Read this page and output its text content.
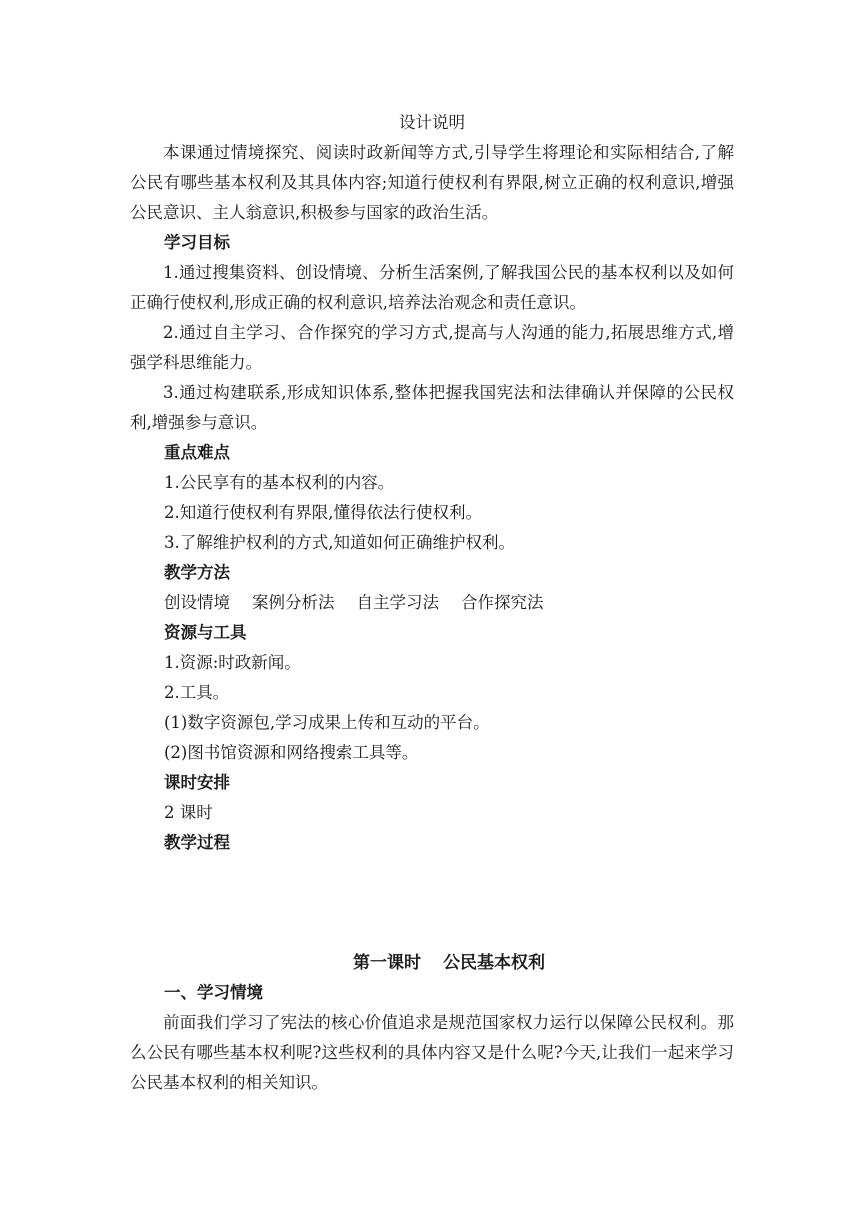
设计说明

本课通过情境探究、阅读时政新闻等方式,引导学生将理论和实际相结合,了解公民有哪些基本权利及其具体内容;知道行使权利有界限,树立正确的权利意识,增强公民意识、主人翁意识,积极参与国家的政治生活。

学习目标

1.通过搜集资料、创设情境、分析生活案例,了解我国公民的基本权利以及如何正确行使权利,形成正确的权利意识,培养法治观念和责任意识。

2.通过自主学习、合作探究的学习方式,提高与人沟通的能力,拓展思维方式,增强学科思维能力。

3.通过构建联系,形成知识体系,整体把握我国宪法和法律确认并保障的公民权利,增强参与意识。

重点难点

1.公民享有的基本权利的内容。

2.知道行使权利有界限,懂得依法行使权利。

3.了解维护权利的方式,知道如何正确维护权利。

教学方法

创设情境 案例分析法 自主学习法 合作探究法

资源与工具

1.资源:时政新闻。

2.工具。

(1)数字资源包,学习成果上传和互动的平台。

(2)图书馆资源和网络搜索工具等。

课时安排

2 课时

教学过程

第一课时 公民基本权利

一、学习情境

前面我们学习了宪法的核心价值追求是规范国家权力运行以保障公民权利。那么公民有哪些基本权利呢?这些权利的具体内容又是什么呢?今天,让我们一起来学习公民基本权利的相关知识。
